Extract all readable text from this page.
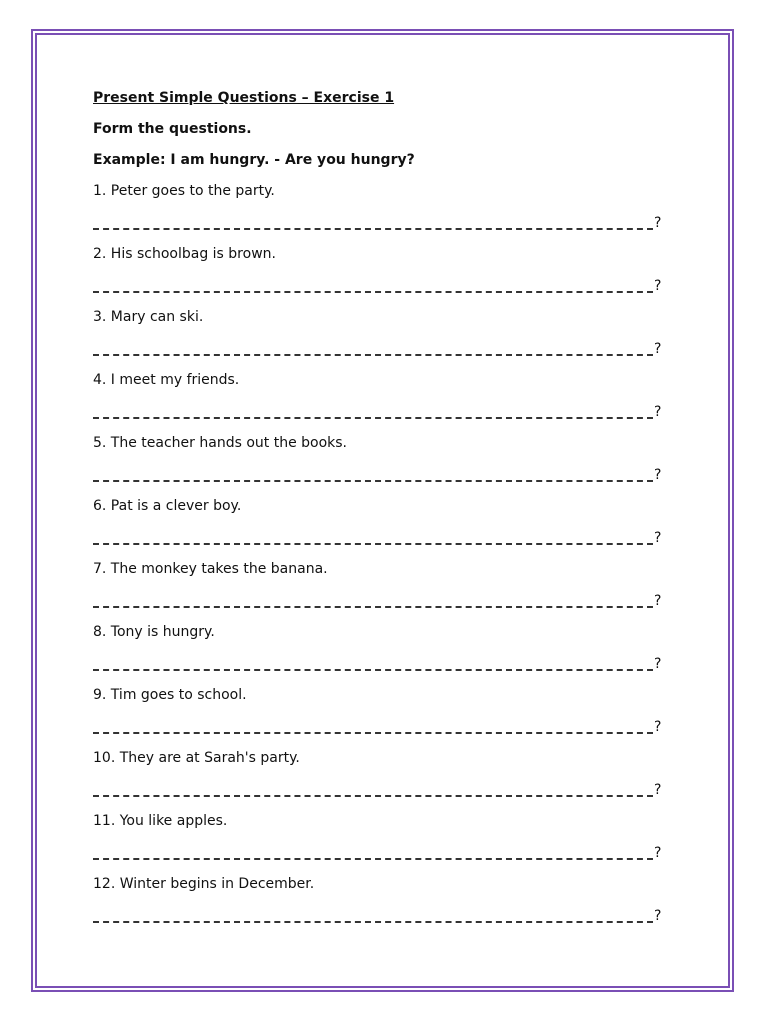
Present Simple Questions – Exercise 1
Form the questions.
Example: I am hungry. - Are you hungry?
1. Peter goes to the party.
?
2. His schoolbag is brown.
?
3. Mary can ski.
?
4. I meet my friends.
?
5. The teacher hands out the books.
?
6. Pat is a clever boy.
?
7. The monkey takes the banana.
?
8. Tony is hungry.
?
9. Tim goes to school.
?
10. They are at Sarah's party.
?
11. You like apples.
?
12. Winter begins in December.
?
